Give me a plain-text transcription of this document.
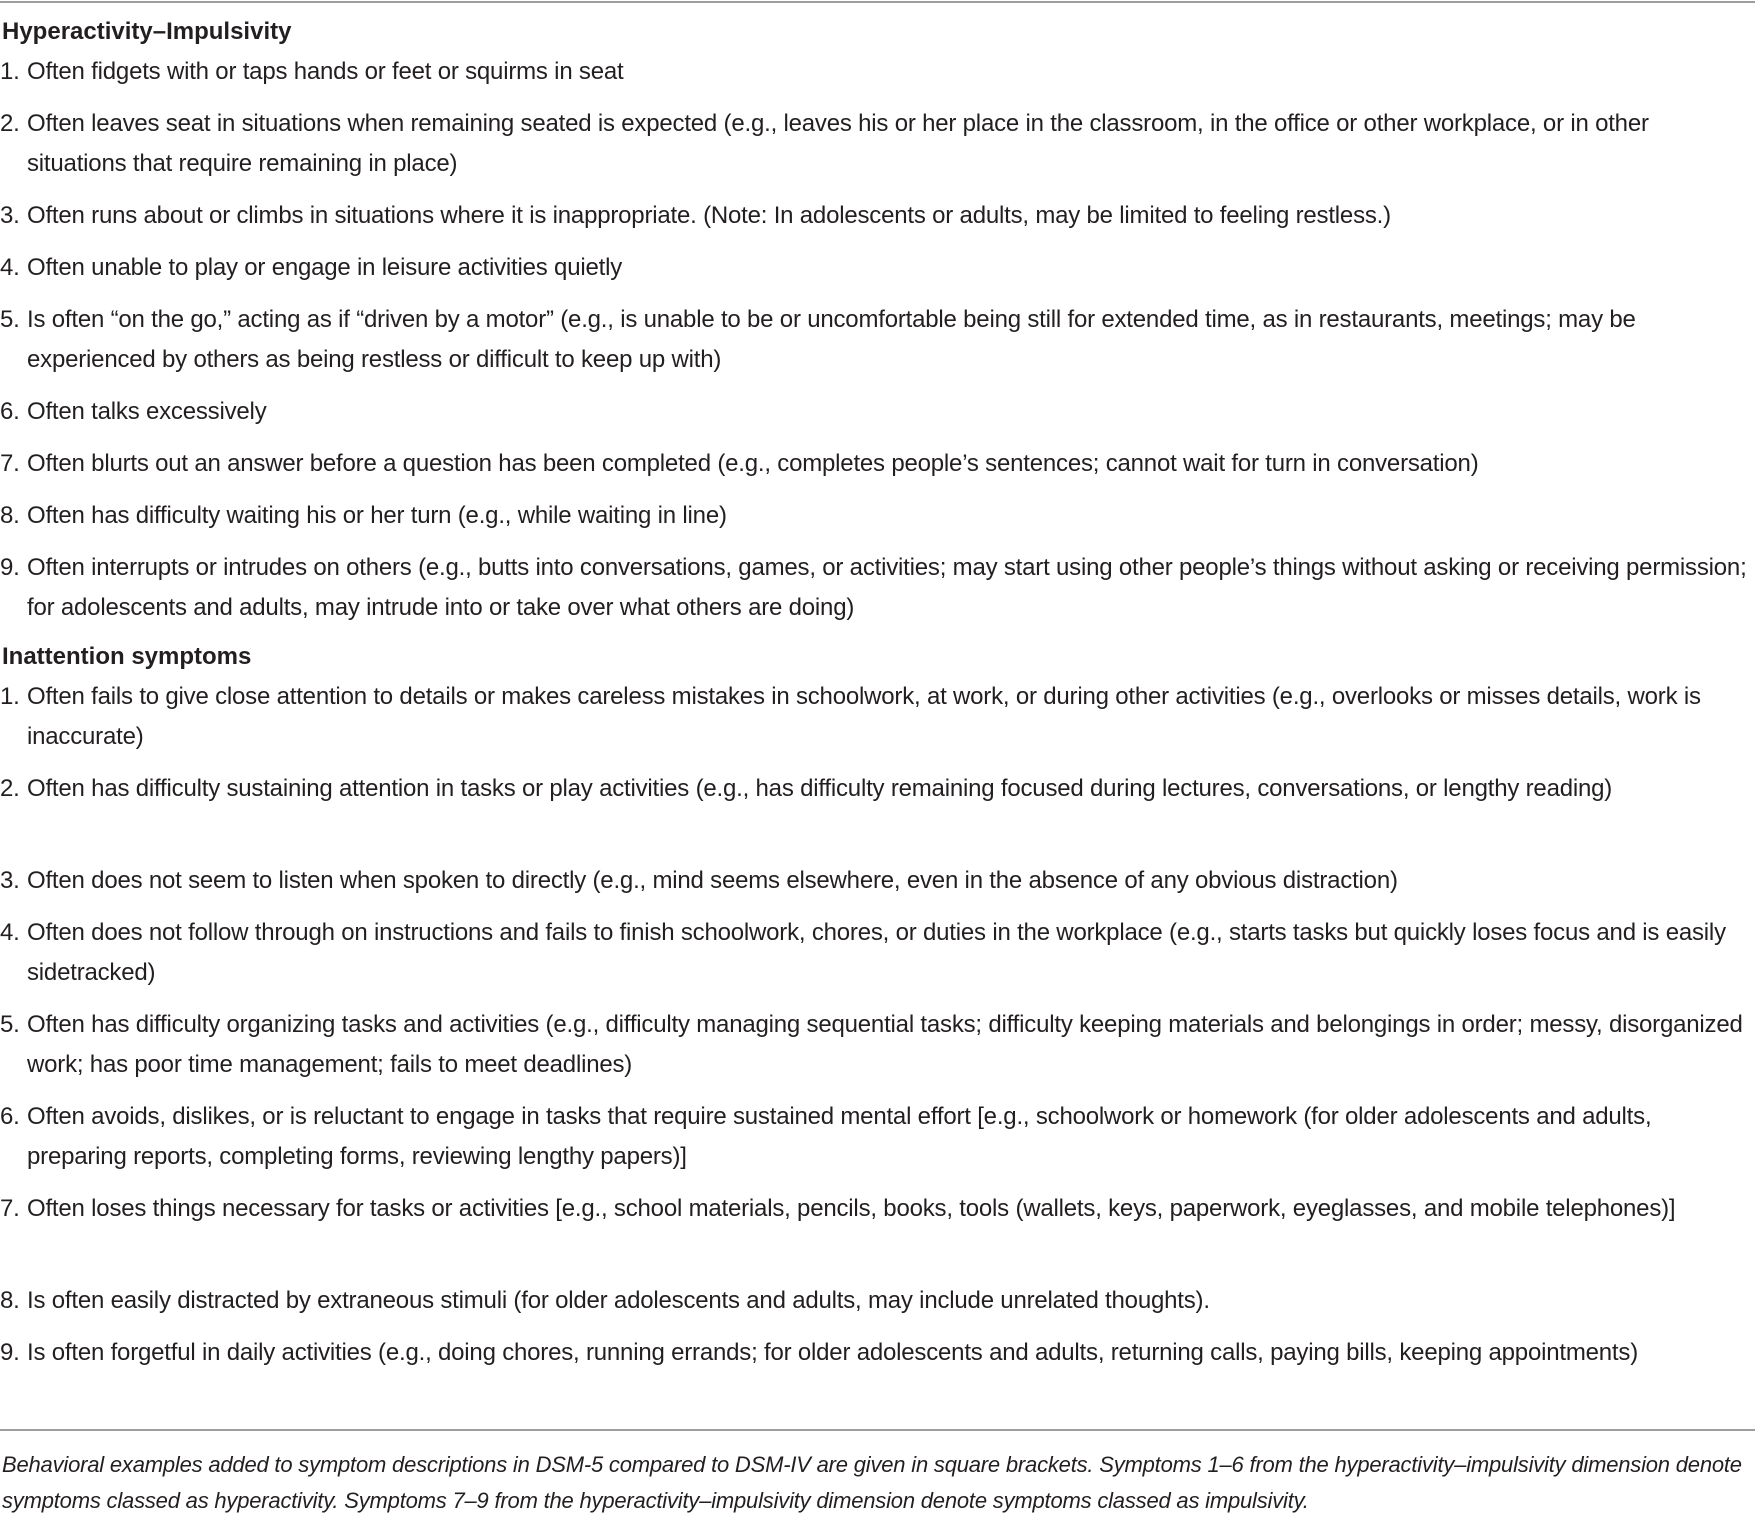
Hyperactivity–Impulsivity
1. Often fidgets with or taps hands or feet or squirms in seat
2. Often leaves seat in situations when remaining seated is expected (e.g., leaves his or her place in the classroom, in the office or other workplace, or in other situations that require remaining in place)
3. Often runs about or climbs in situations where it is inappropriate. (Note: In adolescents or adults, may be limited to feeling restless.)
4. Often unable to play or engage in leisure activities quietly
5. Is often “on the go,” acting as if “driven by a motor” (e.g., is unable to be or uncomfortable being still for extended time, as in restaurants, meetings; may be experienced by others as being restless or difficult to keep up with)
6. Often talks excessively
7. Often blurts out an answer before a question has been completed (e.g., completes people’s sentences; cannot wait for turn in conversation)
8. Often has difficulty waiting his or her turn (e.g., while waiting in line)
9. Often interrupts or intrudes on others (e.g., butts into conversations, games, or activities; may start using other people’s things without asking or receiving permission; for adolescents and adults, may intrude into or take over what others are doing)
Inattention symptoms
1. Often fails to give close attention to details or makes careless mistakes in schoolwork, at work, or during other activities (e.g., overlooks or misses details, work is inaccurate)
2. Often has difficulty sustaining attention in tasks or play activities (e.g., has difficulty remaining focused during lectures, conversations, or lengthy reading)
3. Often does not seem to listen when spoken to directly (e.g., mind seems elsewhere, even in the absence of any obvious distraction)
4. Often does not follow through on instructions and fails to finish schoolwork, chores, or duties in the workplace (e.g., starts tasks but quickly loses focus and is easily sidetracked)
5. Often has difficulty organizing tasks and activities (e.g., difficulty managing sequential tasks; difficulty keeping materials and belongings in order; messy, disorganized work; has poor time management; fails to meet deadlines)
6. Often avoids, dislikes, or is reluctant to engage in tasks that require sustained mental effort [e.g., schoolwork or homework (for older adolescents and adults, preparing reports, completing forms, reviewing lengthy papers)]
7. Often loses things necessary for tasks or activities [e.g., school materials, pencils, books, tools (wallets, keys, paperwork, eyeglasses, and mobile telephones)]
8. Is often easily distracted by extraneous stimuli (for older adolescents and adults, may include unrelated thoughts).
9. Is often forgetful in daily activities (e.g., doing chores, running errands; for older adolescents and adults, returning calls, paying bills, keeping appointments)
Behavioral examples added to symptom descriptions in DSM-5 compared to DSM-IV are given in square brackets. Symptoms 1–6 from the hyperactivity–impulsivity dimension denote symptoms classed as hyperactivity. Symptoms 7–9 from the hyperactivity–impulsivity dimension denote symptoms classed as impulsivity.
